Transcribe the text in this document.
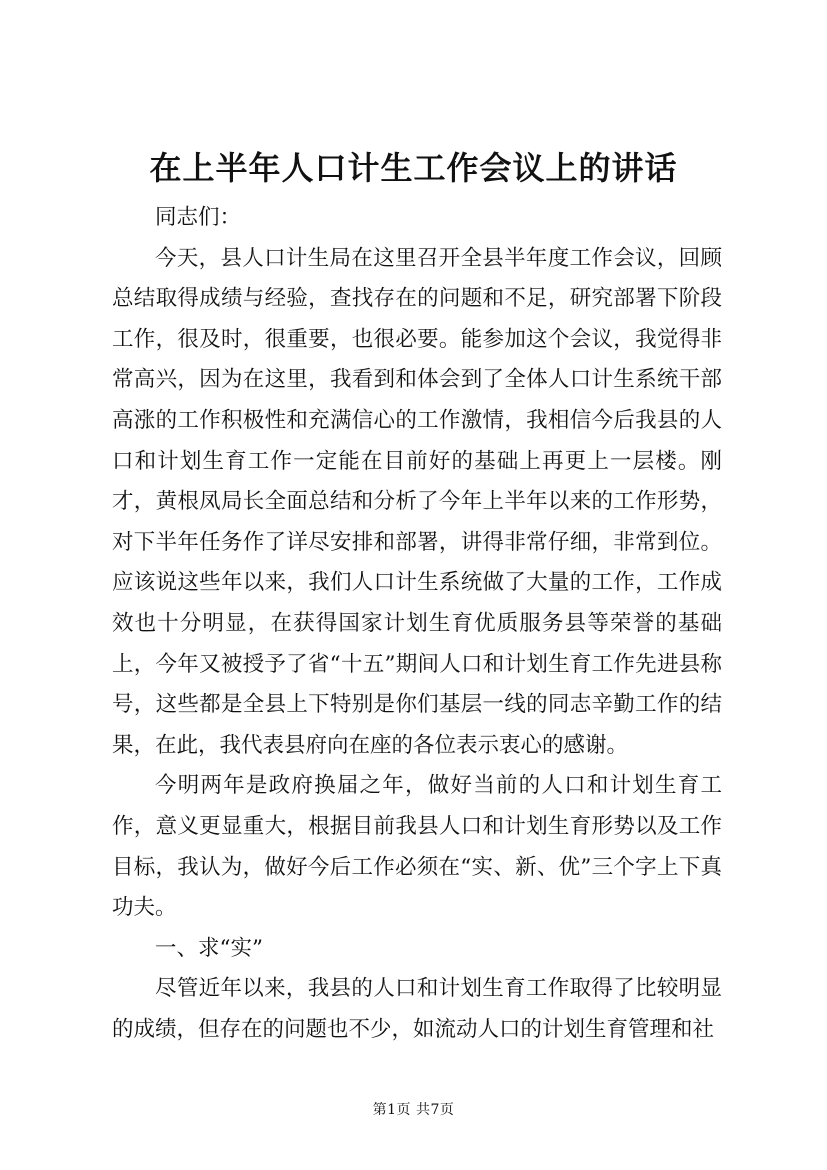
在上半年人口计生工作会议上的讲话

同志们：

今天，县人口计生局在这里召开全县半年度工作会议，回顾总结取得成绩与经验，查找存在的问题和不足，研究部署下阶段工作，很及时，很重要，也很必要。能参加这个会议，我觉得非常高兴，因为在这里，我看到和体会到了全体人口计生系统干部高涨的工作积极性和充满信心的工作激情，我相信今后我县的人口和计划生育工作一定能在目前好的基础上再更上一层楼。刚才，黄根凤局长全面总结和分析了今年上半年以来的工作形势，对下半年任务作了详尽安排和部署，讲得非常仔细，非常到位。应该说这些年以来，我们人口计生系统做了大量的工作，工作成效也十分明显，在获得国家计划生育优质服务县等荣誉的基础上，今年又被授予了省“十五”期间人口和计划生育工作先进县称号，这些都是全县上下特别是你们基层一线的同志辛勤工作的结果，在此，我代表县府向在座的各位表示衷心的感谢。

今明两年是政府换届之年，做好当前的人口和计划生育工作，意义更显重大，根据目前我县人口和计划生育形势以及工作目标，我认为，做好今后工作必须在“实、新、优”三个字上下真功夫。

一、求“实”

尽管近年以来，我县的人口和计划生育工作取得了比较明显的成绩，但存在的问题也不少，如流动人口的计划生育管理和社

第1页 共7页
